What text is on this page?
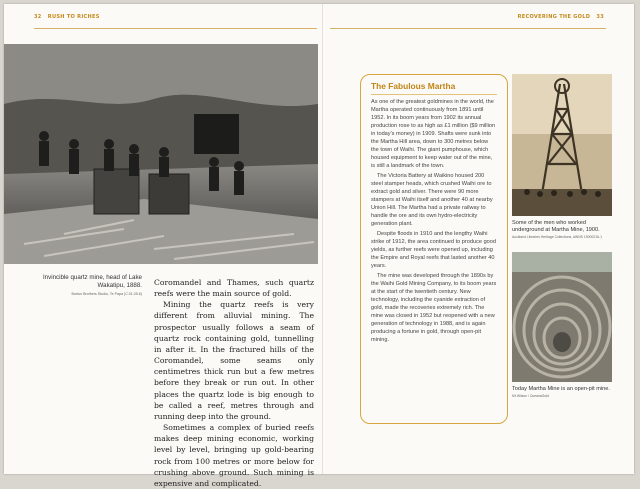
32 RUSH TO RICHES	RECOVERING THE GOLD 33
Invincible quartz mine, head of Lake Wakatipu, 1888.
Burton Brothers Studio, Te Papa (C.01.05.6)

Coromandel and Thames, such quartz reefs were the main source of gold.

Mining the quartz reefs is very different from alluvial mining. The prospector usually follows a seam of quartz rock containing gold, tunnelling in after it. In the fractured hills of the Coromandel, some seams only centimetres thick run but a few metres before they break or run out. In other places the quartz lode is big enough to be called a reef, metres through and running deep into the ground.

Sometimes a complex of buried reefs makes deep mining economic, working level by level, bringing up gold-bearing rock from 100 metres or more below for crushing above ground. Such mining is expensive and complicated.

The Fabulous Martha

As one of the greatest goldmines in the world, the Martha operated continuously from 1891 until 1952. In its boom years from 1902 its annual production rose to as high as £1 million ($9 million in today's money) in 1909. Shafts were sunk into the Martha Hill area, down to 300 metres below the town of Waihi. The giant pumphouse, which housed equipment to keep water out of the mine, is still a landmark of the town.

The Victoria Battery at Waikino housed 200 steel stamper heads, which crushed Waihi ore to extract gold and silver. There were 90 more stampers at Waihi itself and another 40 at nearby Union Hill. The Martha had a private railway to handle the ore and its own hydro-electricity generation plant.

Despite floods in 1910 and the lengthy Waihi strike of 1912, the area continued to produce good yields, as further reefs were opened up, including the Empire and Royal reefs that lasted another 40 years.

The mine was developed through the 1890s by the Waihi Gold Mining Company, to its boom years at the start of the twentieth century. New technology, including the cyanide extraction of gold, made the recoveries extremely rich. The mine was closed in 1952 but reopened with a new generation of technology in 1988, and is again producing a fortune in gold, through open-pit mining.

Some of the men who worked underground at Martha Mine, 1900.
Auckland Libraries Heritage Collections, AWNS 19000216-1
Today Martha Mine is an open-pit mine.
Kit Wilson / OceanaGold
